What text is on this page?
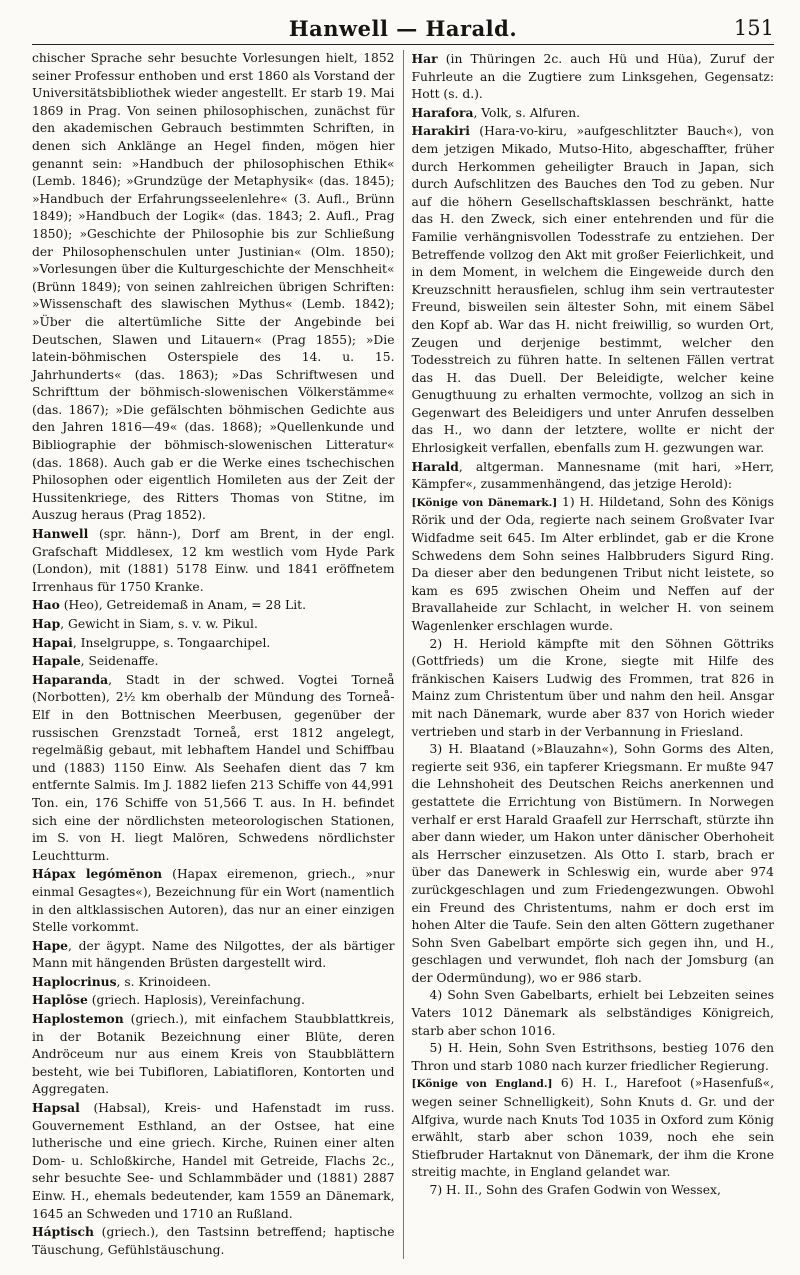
Hanwell — Harald.	151

chischer Sprache sehr besuchte Vorlesungen hielt, 1852 seiner Professur enthoben und erst 1860 als Vorstand der Universitätsbibliothek wieder angestellt. Er starb 19. Mai 1869 in Prag. Von seinen philosophischen, zunächst für den akademischen Gebrauch bestimmten Schriften, in denen sich Anklänge an Hegel finden, mögen hier genannt sein: »Handbuch der philosophischen Ethik« (Lemb. 1846); »Grundzüge der Metaphysik« (das. 1845); »Handbuch der Erfahrungsseelenlehre« (3. Aufl., Brünn 1849); »Handbuch der Logik« (das. 1843; 2. Aufl., Prag 1850); »Geschichte der Philosophie bis zur Schließung der Philosophenschulen unter Justinian« (Olm. 1850); »Vorlesungen über die Kulturgeschichte der Menschheit« (Brünn 1849); von seinen zahlreichen übrigen Schriften: »Wissenschaft des slawischen Mythus« (Lemb. 1842); »Über die altertümliche Sitte der Angebinde bei Deutschen, Slawen und Litauern« (Prag 1855); »Die latein-böhmischen Osterspiele des 14. u. 15. Jahrhunderts« (das. 1863); »Das Schriftwesen und Schrifttum der böhmisch-slowenischen Völkerstämme« (das. 1867); »Die gefälschten böhmischen Gedichte aus den Jahren 1816—49« (das. 1868); »Quellenkunde und Bibliographie der böhmisch-slowenischen Litteratur« (das. 1868). Auch gab er die Werke eines tschechischen Philosophen oder eigentlich Homileten aus der Zeit der Hussitenkriege, des Ritters Thomas von Stitne, im Auszug heraus (Prag 1852).

Hanwell (spr. hänn-), Dorf am Brent, in der engl. Grafschaft Middlesex, 12 km westlich vom Hyde Park (London), mit (1881) 5178 Einw. und 1841 eröffnetem Irrenhaus für 1750 Kranke.

Hao (Heo), Getreidemaß in Anam, = 28 Lit.

Hap, Gewicht in Siam, s. v. w. Pikul.

Hapai, Inselgruppe, s. Tongaarchipel.

Hapale, Seidenaffe.

Haparanda, Stadt in der schwed. Vogtei Torneå (Norbotten), 2½ km oberhalb der Mündung des Torneå-Elf in den Bottnischen Meerbusen, gegenüber der russischen Grenzstadt Torneå, erst 1812 angelegt, regelmäßig gebaut, mit lebhaftem Handel und Schiffbau und (1883) 1150 Einw. Als Seehafen dient das 7 km entfernte Salmis. Im J. 1882 liefen 213 Schiffe von 44,991 Ton. ein, 176 Schiffe von 51,566 T. aus. In H. befindet sich eine der nördlichsten meteorologischen Stationen, im S. von H. liegt Malören, Schwedens nördlichster Leuchtturm.

Hápax legómĕnon (Hapax eiremenon, griech., »nur einmal Gesagtes«), Bezeichnung für ein Wort (namentlich in den altklassischen Autoren), das nur an einer einzigen Stelle vorkommt.

Hape, der ägypt. Name des Nilgottes, der als bärtiger Mann mit hängenden Brüsten dargestellt wird.

Haplocrinus, s. Krinoideen.

Haplōse (griech. Haplosis), Vereinfachung.

Haplostemon (griech.), mit einfachem Staubblattkreis, in der Botanik Bezeichnung einer Blüte, deren Andröceum nur aus einem Kreis von Staubblättern besteht, wie bei Tubifloren, Labiatifloren, Kontorten und Aggregaten.

Hapsal (Habsal), Kreis- und Hafenstadt im russ. Gouvernement Esthland, an der Ostsee, hat eine lutherische und eine griech. Kirche, Ruinen einer alten Dom- u. Schloßkirche, Handel mit Getreide, Flachs 2c., sehr besuchte See- und Schlammbäder und (1881) 2887 Einw. H., ehemals bedeutender, kam 1559 an Dänemark, 1645 an Schweden und 1710 an Rußland.

Háptisch (griech.), den Tastsinn betreffend; haptische Täuschung, Gefühlstäuschung.

Har (in Thüringen 2c. auch Hü und Hüa), Zuruf der Fuhrleute an die Zugtiere zum Linksgehen, Gegensatz: Hott (s. d.).

Harafora, Volk, s. Alfuren.

Harakiri (Hara-vo-kiru, »aufgeschlitzter Bauch«), von dem jetzigen Mikado, Mutso-Hito, abgeschaffter, früher durch Herkommen geheiligter Brauch in Japan, sich durch Aufschlitzen des Bauches den Tod zu geben. Nur auf die höhern Gesellschaftsklassen beschränkt, hatte das H. den Zweck, sich einer entehrenden und für die Familie verhängnisvollen Todesstrafe zu entziehen. Der Betreffende vollzog den Akt mit großer Feierlichkeit, und in dem Moment, in welchem die Eingeweide durch den Kreuzschnitt herausfielen, schlug ihm sein vertrautester Freund, bisweilen sein ältester Sohn, mit einem Säbel den Kopf ab. War das H. nicht freiwillig, so wurden Ort, Zeugen und derjenige bestimmt, welcher den Todesstreich zu führen hatte. In seltenen Fällen vertrat das H. das Duell. Der Beleidigte, welcher keine Genugthuung zu erhalten vermochte, vollzog an sich in Gegenwart des Beleidigers und unter Anrufen desselben das H., wo dann der letztere, wollte er nicht der Ehrlosigkeit verfallen, ebenfalls zum H. gezwungen war.

Harald, altgerman. Mannesname (mit hari, »Herr, Kämpfer«, zusammenhängend, das jetzige Herold):

[Könige von Dänemark.] 1) H. Hildetand, Sohn des Königs Rörik und der Oda, regierte nach seinem Großvater Ivar Widfadme seit 645. Im Alter erblindet, gab er die Krone Schwedens dem Sohn seines Halbbruders Sigurd Ring. Da dieser aber den bedungenen Tribut nicht leistete, so kam es 695 zwischen Oheim und Neffen auf der Bravallaheide zur Schlacht, in welcher H. von seinem Wagenlenker erschlagen wurde.

2) H. Heriold kämpfte mit den Söhnen Göttriks (Gottfrieds) um die Krone, siegte mit Hilfe des fränkischen Kaisers Ludwig des Frommen, trat 826 in Mainz zum Christentum über und nahm den heil. Ansgar mit nach Dänemark, wurde aber 837 von Horich wieder vertrieben und starb in der Verbannung in Friesland.

3) H. Blaatand (»Blauzahn«), Sohn Gorms des Alten, regierte seit 936, ein tapferer Kriegsmann. Er mußte 947 die Lehnshoheit des Deutschen Reichs anerkennen und gestattete die Errichtung von Bistümern. In Norwegen verhalf er erst Harald Graafell zur Herrschaft, stürzte ihn aber dann wieder, um Hakon unter dänischer Oberhoheit als Herrscher einzusetzen. Als Otto I. starb, brach er über das Danewerk in Schleswig ein, wurde aber 974 zurückgeschlagen und zum Friedengezwungen. Obwohl ein Freund des Christentums, nahm er doch erst im hohen Alter die Taufe. Sein den alten Göttern zugethaner Sohn Sven Gabelbart empörte sich gegen ihn, und H., geschlagen und verwundet, floh nach der Jomsburg (an der Odermündung), wo er 986 starb.

4) Sohn Sven Gabelbarts, erhielt bei Lebzeiten seines Vaters 1012 Dänemark als selbständiges Königreich, starb aber schon 1016.

5) H. Hein, Sohn Sven Estrithsons, bestieg 1076 den Thron und starb 1080 nach kurzer friedlicher Regierung.

[Könige von England.] 6) H. I., Harefoot (»Hasenfuß«, wegen seiner Schnelligkeit), Sohn Knuts d. Gr. und der Alfgiva, wurde nach Knuts Tod 1035 in Oxford zum König erwählt, starb aber schon 1039, noch ehe sein Stiefbruder Hartaknut von Dänemark, der ihm die Krone streitig machte, in England gelandet war.

7) H. II., Sohn des Grafen Godwin von Wessex,
